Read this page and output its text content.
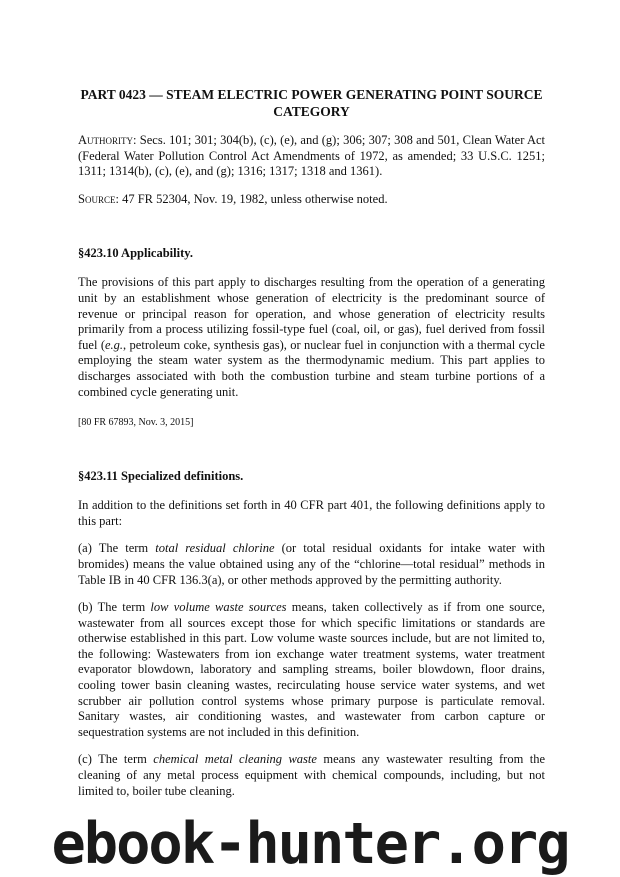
PART 0423 — STEAM ELECTRIC POWER GENERATING POINT SOURCE CATEGORY

Authority: Secs. 101; 301; 304(b), (c), (e), and (g); 306; 307; 308 and 501, Clean Water Act (Federal Water Pollution Control Act Amendments of 1972, as amended; 33 U.S.C. 1251; 1311; 1314(b), (c), (e), and (g); 1316; 1317; 1318 and 1361).

Source: 47 FR 52304, Nov. 19, 1982, unless otherwise noted.

§423.10 Applicability.

The provisions of this part apply to discharges resulting from the operation of a generating unit by an establishment whose generation of electricity is the predominant source of revenue or principal reason for operation, and whose generation of electricity results primarily from a process utilizing fossil-type fuel (coal, oil, or gas), fuel derived from fossil fuel (e.g., petroleum coke, synthesis gas), or nuclear fuel in conjunction with a thermal cycle employing the steam water system as the thermodynamic medium. This part applies to discharges associated with both the combustion turbine and steam turbine portions of a combined cycle generating unit.

[80 FR 67893, Nov. 3, 2015]

§423.11 Specialized definitions.

In addition to the definitions set forth in 40 CFR part 401, the following definitions apply to this part:

(a) The term total residual chlorine (or total residual oxidants for intake water with bromides) means the value obtained using any of the “chlorine—total residual” methods in Table IB in 40 CFR 136.3(a), or other methods approved by the permitting authority.

(b) The term low volume waste sources means, taken collectively as if from one source, wastewater from all sources except those for which specific limitations or standards are otherwise established in this part. Low volume waste sources include, but are not limited to, the following: Wastewaters from ion exchange water treatment systems, water treatment evaporator blowdown, laboratory and sampling streams, boiler blowdown, floor drains, cooling tower basin cleaning wastes, recirculating house service water systems, and wet scrubber air pollution control systems whose primary purpose is particulate removal. Sanitary wastes, air conditioning wastes, and wastewater from carbon capture or sequestration systems are not included in this definition.

(c) The term chemical metal cleaning waste means any wastewater resulting from the cleaning of any metal process equipment with chemical compounds, including, but not limited to, boiler tube cleaning.

ebook-hunter.org
